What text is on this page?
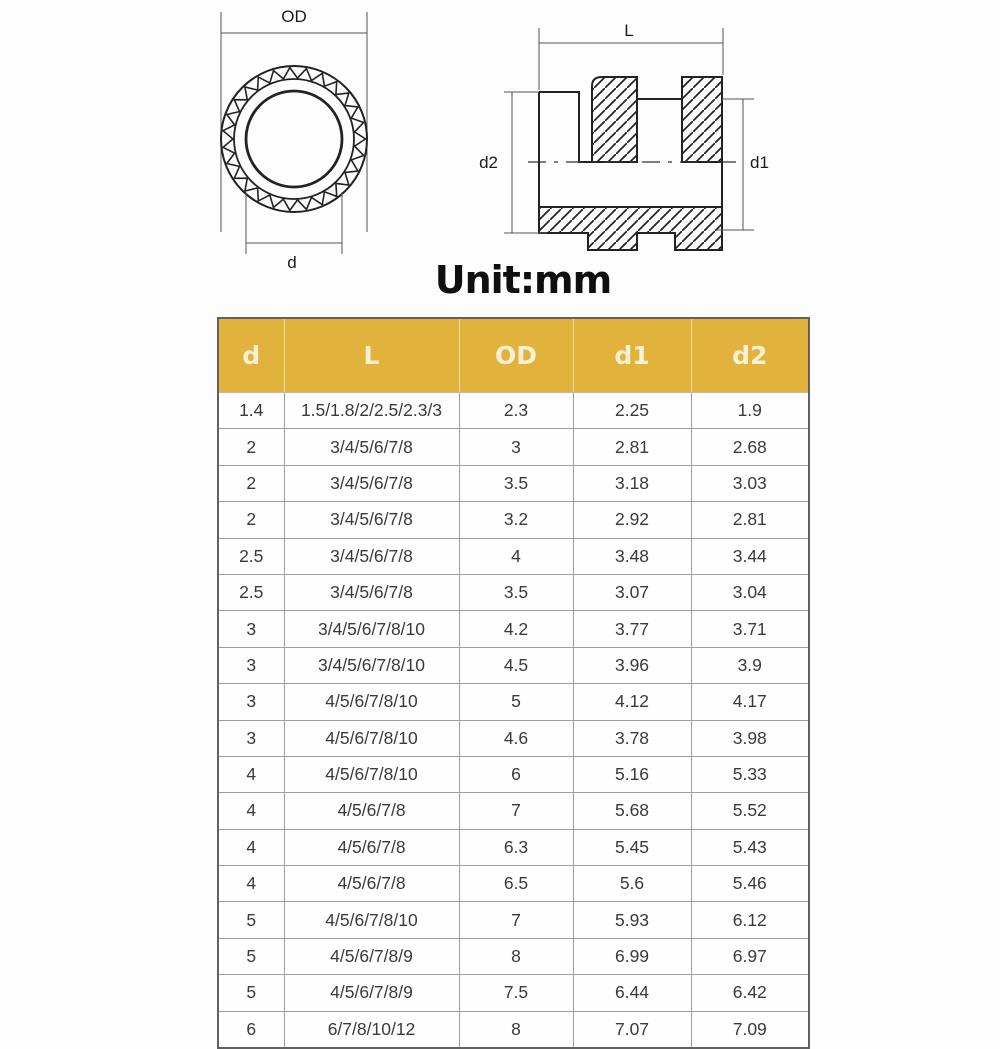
OD
d
L
d2	d1
Unit:mm
d	L	OD	d1	d2
1.4	1.5/1.8/2/2.5/2.3/3	2.3	2.25	1.9
2	3/4/5/6/7/8	3	2.81	2.68
2	3/4/5/6/7/8	3.5	3.18	3.03
2	3/4/5/6/7/8	3.2	2.92	2.81
2.5	3/4/5/6/7/8	4	3.48	3.44
2.5	3/4/5/6/7/8	3.5	3.07	3.04
3	3/4/5/6/7/8/10	4.2	3.77	3.71
3	3/4/5/6/7/8/10	4.5	3.96	3.9
3	4/5/6/7/8/10	5	4.12	4.17
3	4/5/6/7/8/10	4.6	3.78	3.98
4	4/5/6/7/8/10	6	5.16	5.33
4	4/5/6/7/8	7	5.68	5.52
4	4/5/6/7/8	6.3	5.45	5.43
4	4/5/6/7/8	6.5	5.6	5.46
5	4/5/6/7/8/10	7	5.93	6.12
5	4/5/6/7/8/9	8	6.99	6.97
5	4/5/6/7/8/9	7.5	6.44	6.42
6	6/7/8/10/12	8	7.07	7.09
